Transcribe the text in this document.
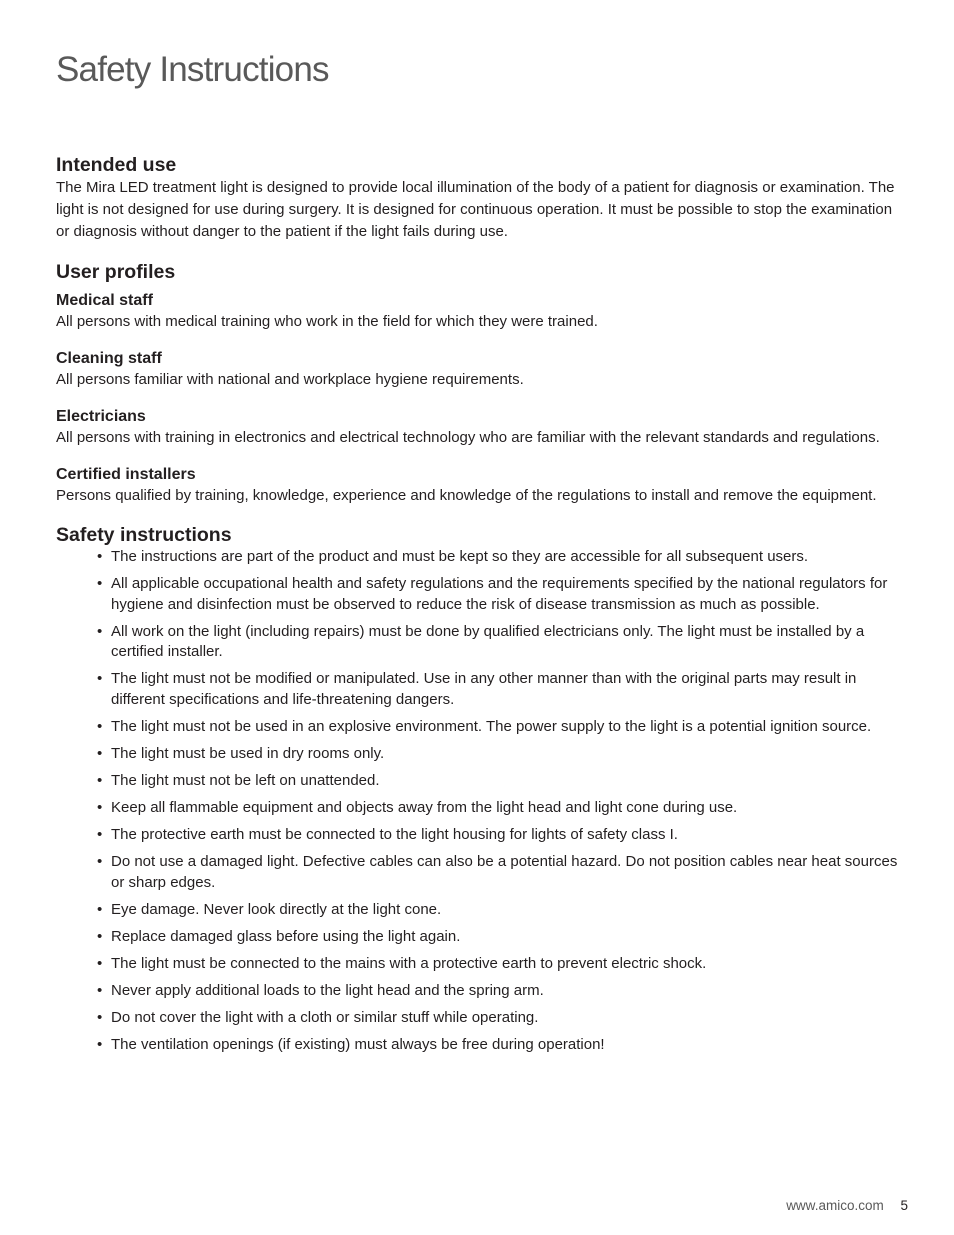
Safety Instructions
Intended use

The Mira LED treatment light is designed to provide local illumination of the body of a patient for diagnosis or examination. The light is not designed for use during surgery. It is designed for continuous operation. It must be possible to stop the examination or diagnosis without danger to the patient if the light fails during use.

User profiles
Medical staff

All persons with medical training who work in the field for which they were trained.

Cleaning staff

All persons familiar with national and workplace hygiene requirements.

Electricians

All persons with training in electronics and electrical technology who are familiar with the relevant standards and regulations.

Certified installers

Persons qualified by training, knowledge, experience and knowledge of the regulations to install and remove the equipment.

Safety instructions
• The instructions are part of the product and must be kept so they are accessible for all subsequent users.
• All applicable occupational health and safety regulations and the requirements specified by the national regulators for hygiene and disinfection must be observed to reduce the risk of disease transmission as much as possible.
• All work on the light (including repairs) must be done by qualified electricians only. The light must be installed by a certified installer.
• The light must not be modified or manipulated. Use in any other manner than with the original parts may result in different specifications and life-threatening dangers.
• The light must not be used in an explosive environment. The power supply to the light is a potential ignition source.
• The light must be used in dry rooms only.
• The light must not be left on unattended.
• Keep all flammable equipment and objects away from the light head and light cone during use.
• The protective earth must be connected to the light housing for lights of safety class I.
• Do not use a damaged light. Defective cables can also be a potential hazard. Do not position cables near heat sources or sharp edges.
• Eye damage. Never look directly at the light cone.
• Replace damaged glass before using the light again.
• The light must be connected to the mains with a protective earth to prevent electric shock.
• Never apply additional loads to the light head and the spring arm.
• Do not cover the light with a cloth or similar stuff while operating.
• The ventilation openings (if existing) must always be free during operation!
www.amico.com 5
